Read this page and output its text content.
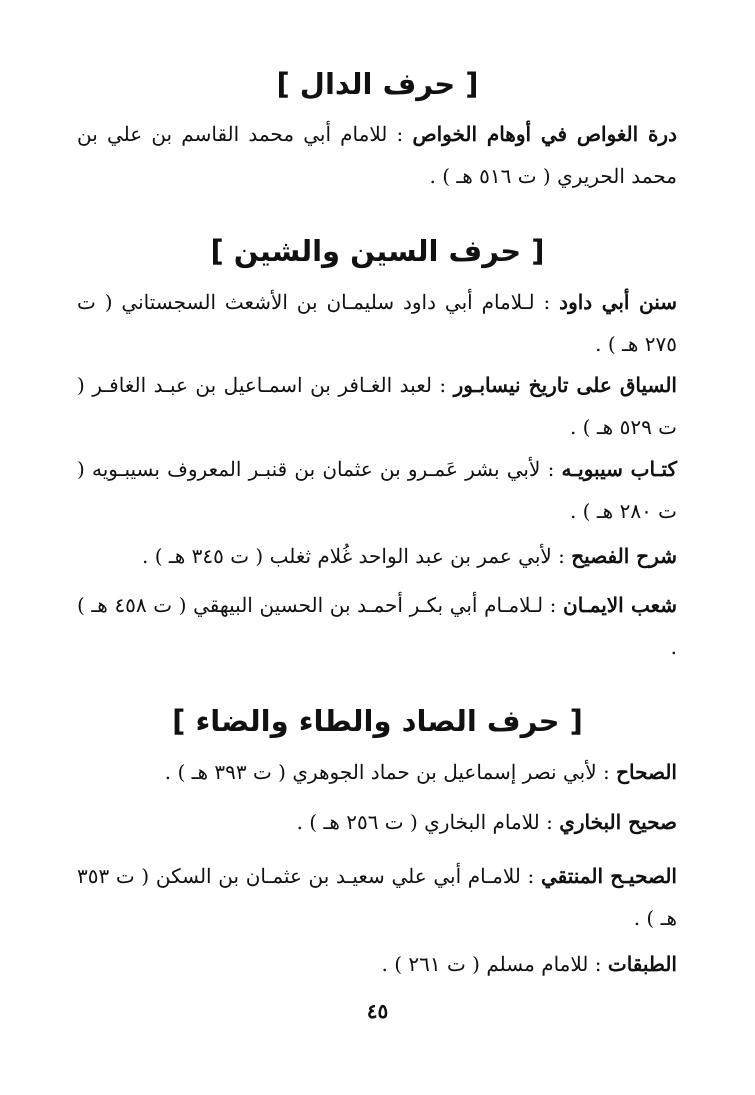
[ حرف الدال ]
درة الغواص في أوهام الخواص : للامام أبي محمد القاسم بن علي بن محمد الحريري ( ت ٥١٦ هـ ) .
[ حرف السين والشين ]
سنن أبي داود : لـلامام أبي داود سليمـان بن الأشعث السجستاني ( ت ٢٧٥ هـ ) .
السياق على تاريخ نيسابـور : لعبد الغـافر بن اسمـاعيل بن عبـد الغافـر ( ت ٥٢٩ هـ ) .
كتـاب سيبويـه : لأبي بشر عَمـرو بن عثمان بن قنبـر المعروف بسيبـويه ( ت ٢٨٠ هـ ) .
شرح الفصيح : لأبي عمر بن عبد الواحد غُلام ثغلب ( ت ٣٤٥ هـ ) .
شعب الايمـان : لـلامـام أبي بكـر أحمـد بن الحسين البيهقي ( ت ٤٥٨ هـ ) .
[ حرف الصاد والطاء والضاء ]
الصحاح : لأبي نصر إسماعيل بن حماد الجوهري ( ت ٣٩٣ هـ ) .
صحيح البخاري : للامام البخاري ( ت ٢٥٦ هـ ) .
الصحيـح المنتقي : للامـام أبي علي سعيـد بن عثمـان بن السكن ( ت ٣٥٣ هـ ) .
الطبقات : للامام مسلم ( ت ٢٦١ ) .
٤٥
